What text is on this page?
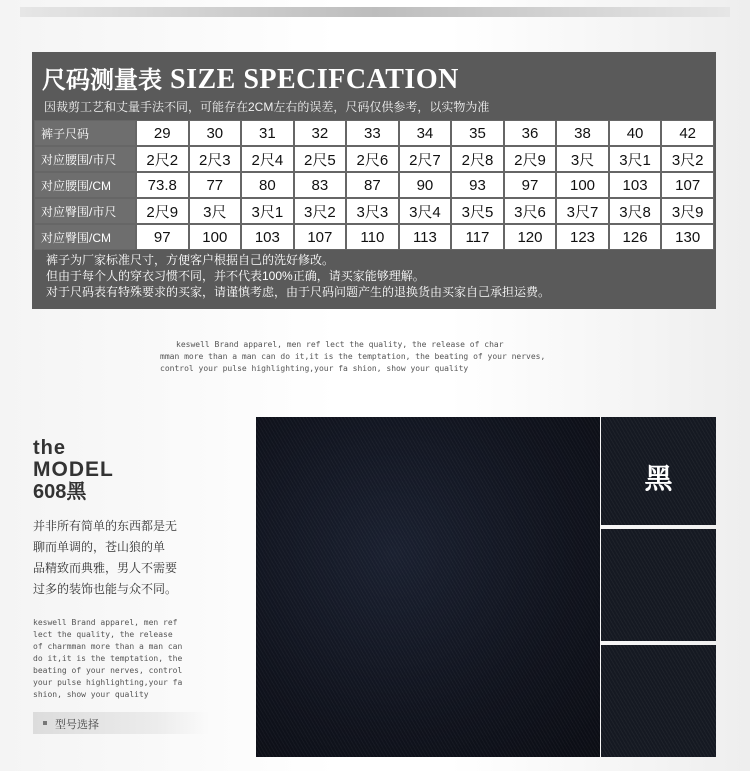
尺码测量表 SIZE SPECIFCATION
因裁剪工艺和丈量手法不同，可能存在2CM左右的误差，尺码仅供参考，以实物为准
裤子尺码	29	30	31	32	33	34	35	36	38	40	42
对应腰围/市尺	2尺2	2尺3	2尺4	2尺5	2尺6	2尺7	2尺8	2尺9	3尺	3尺1	3尺2
对应腰围/CM	73.8	77	80	83	87	90	93	97	100	103	107
对应臀围/市尺	2尺9	3尺	3尺1	3尺2	3尺3	3尺4	3尺5	3尺6	3尺7	3尺8	3尺9
对应臀围/CM	97	100	103	107	110	113	117	120	123	126	130
裤子为厂家标准尺寸，方便客户根据自己的洗好修改。
但由于每个人的穿衣习惯不同，并不代表100%正确，请买家能够理解。
对于尺码表有特殊要求的买家，请谨慎考虑，由于尺码问题产生的退换货由买家自己承担运费。
keswell Brand apparel, men ref lect the quality, the release of char
mman more than a man can do it,it is the temptation, the beating of your nerves,
control your pulse highlighting,your fa shion, show your quality
the
MODEL
608黑
并非所有简单的东西都是无
聊而单调的，苍山狼的单
品精致而典雅，男人不需要
过多的装饰也能与众不同。
keswell Brand apparel, men ref
lect the quality, the release
of charmman more than a man can
do it,it is the temptation, the
beating of your nerves, control
your pulse highlighting,your fa
shion, show your quality
型号选择
黑
